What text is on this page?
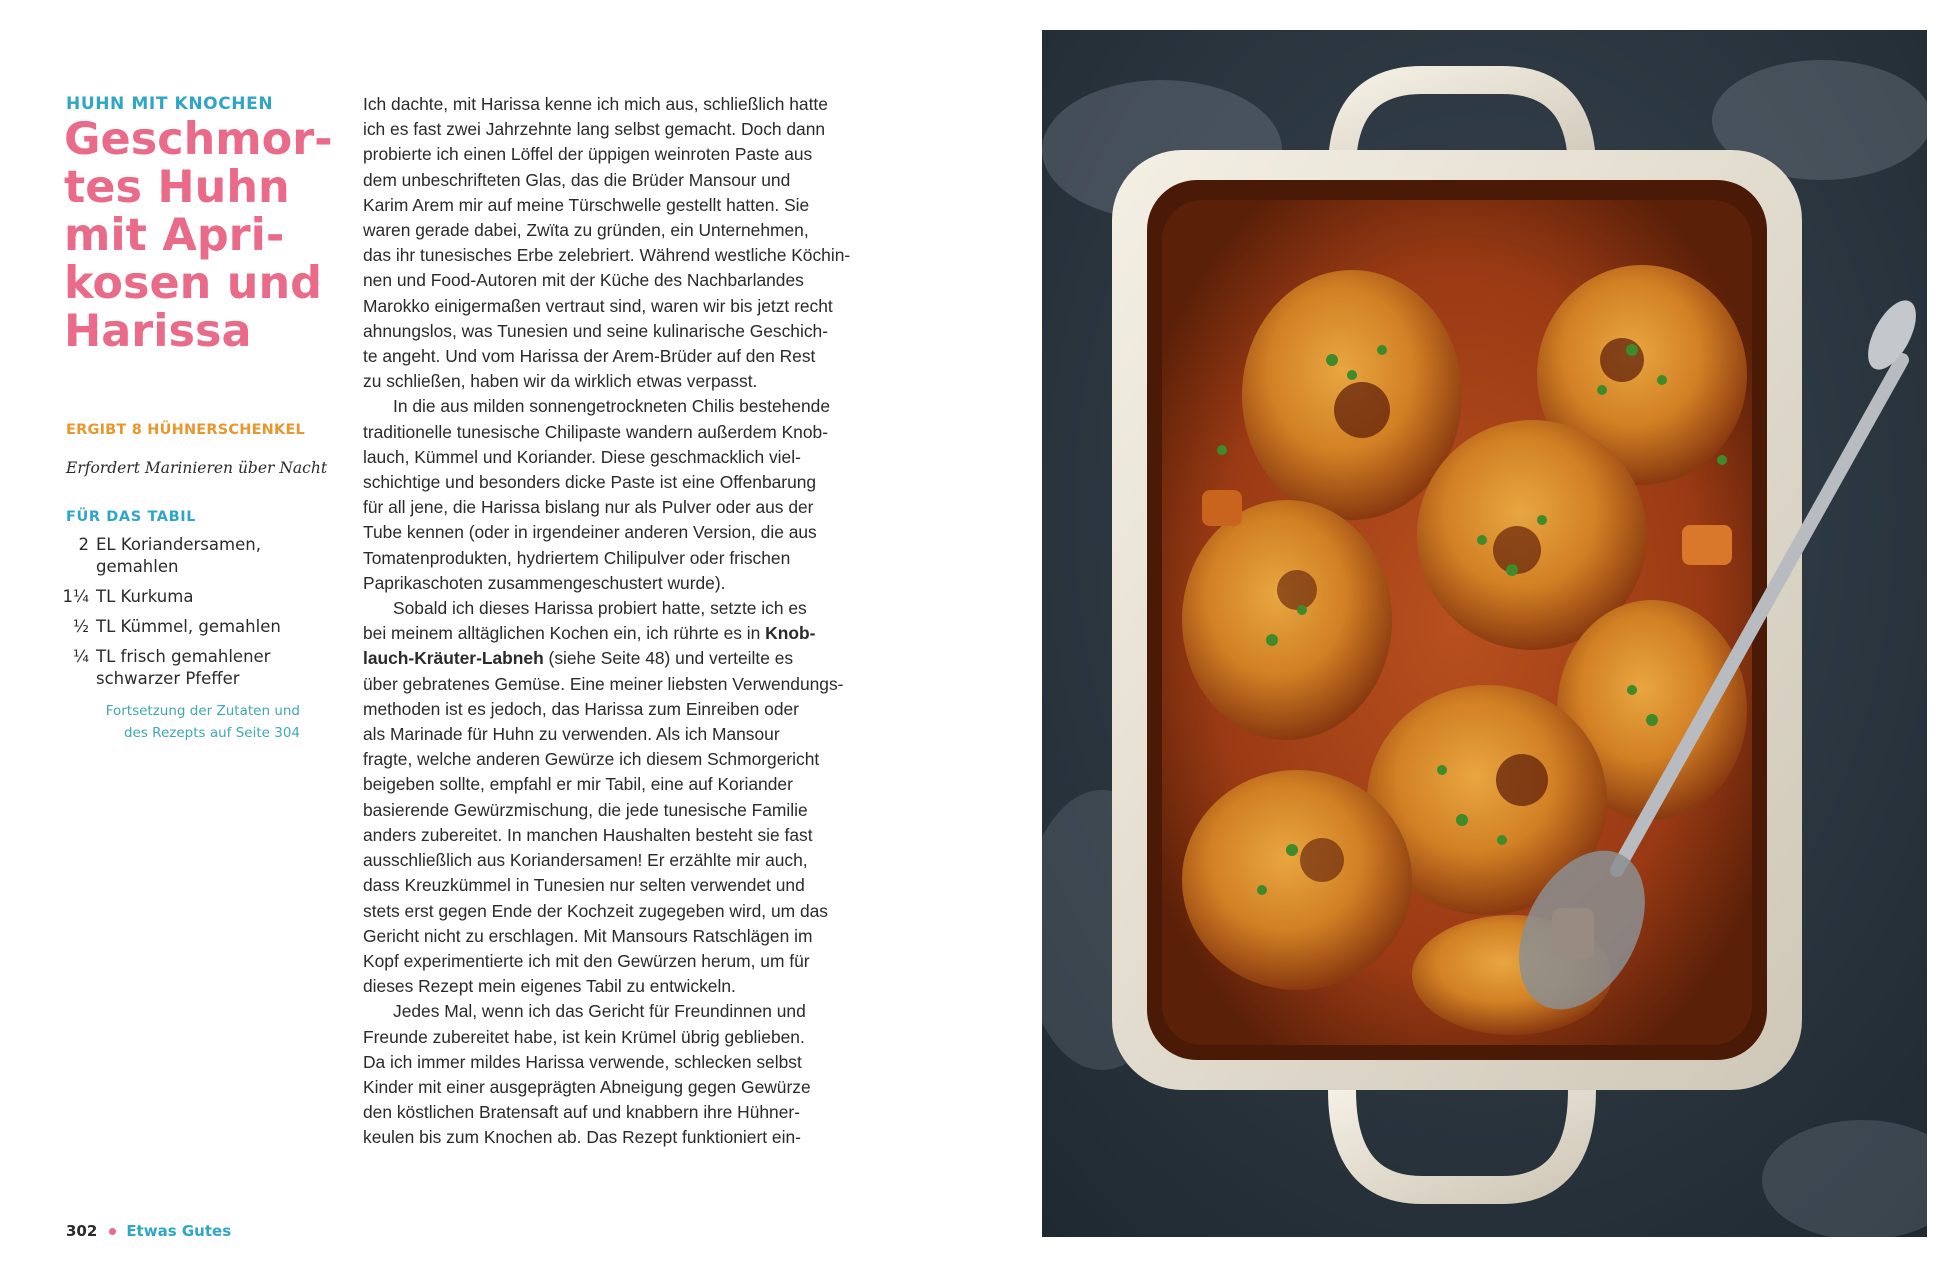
HUHN MIT KNOCHEN
Geschmor-
tes Huhn
mit Apri-
kosen und
Harissa
ERGIBT 8 HÜHNERSCHENKEL
Erfordert Marinieren über Nacht
FÜR DAS TABIL
2 EL Koriandersamen, gemahlen
1¼ TL Kurkuma
½ TL Kümmel, gemahlen
¼ TL frisch gemahlener schwarzer Pfeffer
Fortsetzung der Zutaten und
des Rezepts auf Seite 304
Ich dachte, mit Harissa kenne ich mich aus, schließlich hatte
ich es fast zwei Jahrzehnte lang selbst gemacht. Doch dann
probierte ich einen Löffel der üppigen weinroten Paste aus
dem unbeschrifteten Glas, das die Brüder Mansour und
Karim Arem mir auf meine Türschwelle gestellt hatten. Sie
waren gerade dabei, Zwïta zu gründen, ein Unternehmen,
das ihr tunesisches Erbe zelebriert. Während westliche Köchin-
nen und Food-Autoren mit der Küche des Nachbarlandes
Marokko einigermaßen vertraut sind, waren wir bis jetzt recht
ahnungslos, was Tunesien und seine kulinarische Geschich-
te angeht. Und vom Harissa der Arem-Brüder auf den Rest
zu schließen, haben wir da wirklich etwas verpasst.
In die aus milden sonnengetrockneten Chilis bestehende
traditionelle tunesische Chilipaste wandern außerdem Knob-
lauch, Kümmel und Koriander. Diese geschmacklich viel-
schichtige und besonders dicke Paste ist eine Offenbarung
für all jene, die Harissa bislang nur als Pulver oder aus der
Tube kennen (oder in irgendeiner anderen Version, die aus
Tomatenprodukten, hydriertem Chilipulver oder frischen
Paprikaschoten zusammengeschustert wurde).
Sobald ich dieses Harissa probiert hatte, setzte ich es
bei meinem alltäglichen Kochen ein, ich rührte es in Knob-
lauch-Kräuter-Labneh (siehe Seite 48) und verteilte es
über gebratenes Gemüse. Eine meiner liebsten Verwendungs-
methoden ist es jedoch, das Harissa zum Einreiben oder
als Marinade für Huhn zu verwenden. Als ich Mansour
fragte, welche anderen Gewürze ich diesem Schmorgericht
beigeben sollte, empfahl er mir Tabil, eine auf Koriander
basierende Gewürzmischung, die jede tunesische Familie
anders zubereitet. In manchen Haushalten besteht sie fast
ausschließlich aus Koriandersamen! Er erzählte mir auch,
dass Kreuzkümmel in Tunesien nur selten verwendet und
stets erst gegen Ende der Kochzeit zugegeben wird, um das
Gericht nicht zu erschlagen. Mit Mansours Ratschlägen im
Kopf experimentierte ich mit den Gewürzen herum, um für
dieses Rezept mein eigenes Tabil zu entwickeln.
Jedes Mal, wenn ich das Gericht für Freundinnen und
Freunde zubereitet habe, ist kein Krümel übrig geblieben.
Da ich immer mildes Harissa verwende, schlecken selbst
Kinder mit einer ausgeprägten Abneigung gegen Gewürze
den köstlichen Bratensaft auf und knabbern ihre Hühner-
keulen bis zum Knochen ab. Das Rezept funktioniert ein-
302 Etwas Gutes
